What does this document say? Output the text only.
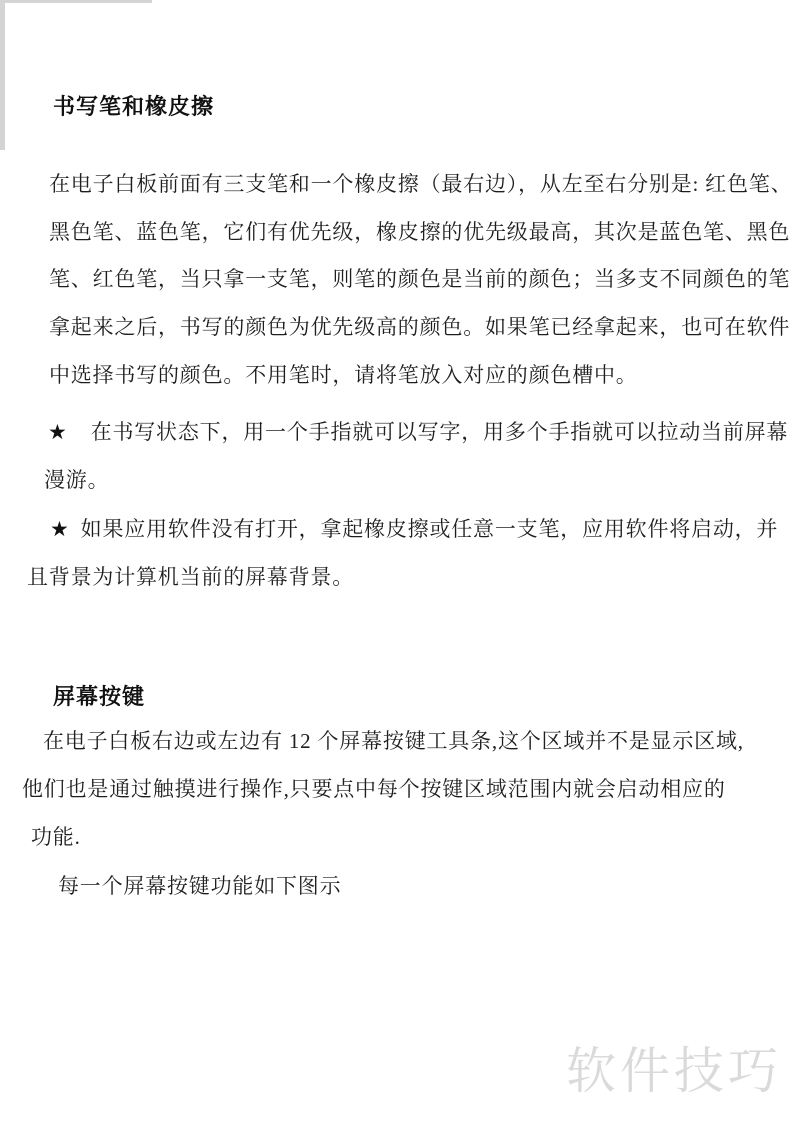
书写笔和橡皮擦
在电子白板前面有三支笔和一个橡皮擦（最右边），从左至右分别是: 红色笔、
黑色笔、蓝色笔，它们有优先级，橡皮擦的优先级最高，其次是蓝色笔、黑色
笔、红色笔，当只拿一支笔，则笔的颜色是当前的颜色；当多支不同颜色的笔
拿起来之后，书写的颜色为优先级高的颜色。如果笔已经拿起来，也可在软件
中选择书写的颜色。不用笔时，请将笔放入对应的颜色槽中。
★ 在书写状态下，用一个手指就可以写字，用多个手指就可以拉动当前屏幕
漫游。
★ 如果应用软件没有打开，拿起橡皮擦或任意一支笔，应用软件将启动，并
且背景为计算机当前的屏幕背景。
屏幕按键
在电子白板右边或左边有 12 个屏幕按键工具条,这个区域并不是显示区域,
他们也是通过触摸进行操作,只要点中每个按键区域范围内就会启动相应的
功能.
每一个屏幕按键功能如下图示
软件技巧
